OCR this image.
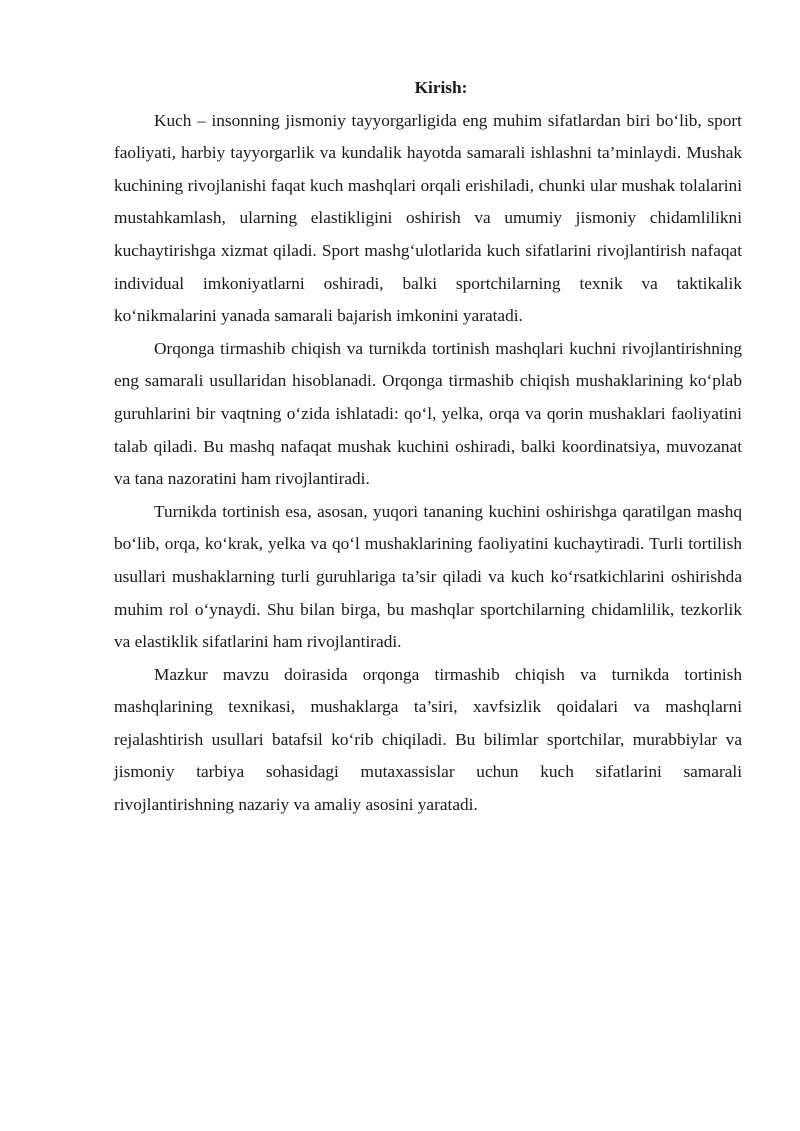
Kirish:

Kuch – insonning jismoniy tayyorgarligida eng muhim sifatlardan biri bo‘lib, sport faoliyati, harbiy tayyorgarlik va kundalik hayotda samarali ishlashni ta’minlaydi. Mushak kuchining rivojlanishi faqat kuch mashqlari orqali erishiladi, chunki ular mushak tolalarini mustahkamlash, ularning elastikligini oshirish va umumiy jismoniy chidamlilikni kuchaytirishga xizmat qiladi. Sport mashg‘ulotlarida kuch sifatlarini rivojlantirish nafaqat individual imkoniyatlarni oshiradi, balki sportchilarning texnik va taktikalik ko‘nikmalarini yanada samarali bajarish imkonini yaratadi.

Orqonga tirmashib chiqish va turnikda tortinish mashqlari kuchni rivojlantirishning eng samarali usullaridan hisoblanadi. Orqonga tirmashib chiqish mushaklarining ko‘plab guruhlarini bir vaqtning o‘zida ishlatadi: qo‘l, yelka, orqa va qorin mushaklari faoliyatini talab qiladi. Bu mashq nafaqat mushak kuchini oshiradi, balki koordinatsiya, muvozanat va tana nazoratini ham rivojlantiradi.

Turnikda tortinish esa, asosan, yuqori tananing kuchini oshirishga qaratilgan mashq bo‘lib, orqa, ko‘krak, yelka va qo‘l mushaklarining faoliyatini kuchaytiradi. Turli tortilish usullari mushaklarning turli guruhlariga ta’sir qiladi va kuch ko‘rsatkichlarini oshirishda muhim rol o‘ynaydi. Shu bilan birga, bu mashqlar sportchilarning chidamlilik, tezkorlik va elastiklik sifatlarini ham rivojlantiradi.

Mazkur mavzu doirasida orqonga tirmashib chiqish va turnikda tortinish mashqlarining texnikasi, mushaklarga ta’siri, xavfsizlik qoidalari va mashqlarni rejalashtirish usullari batafsil ko‘rib chiqiladi. Bu bilimlar sportchilar, murabbiylar va jismoniy tarbiya sohasidagi mutaxassislar uchun kuch sifatlarini samarali rivojlantirishning nazariy va amaliy asosini yaratadi.
